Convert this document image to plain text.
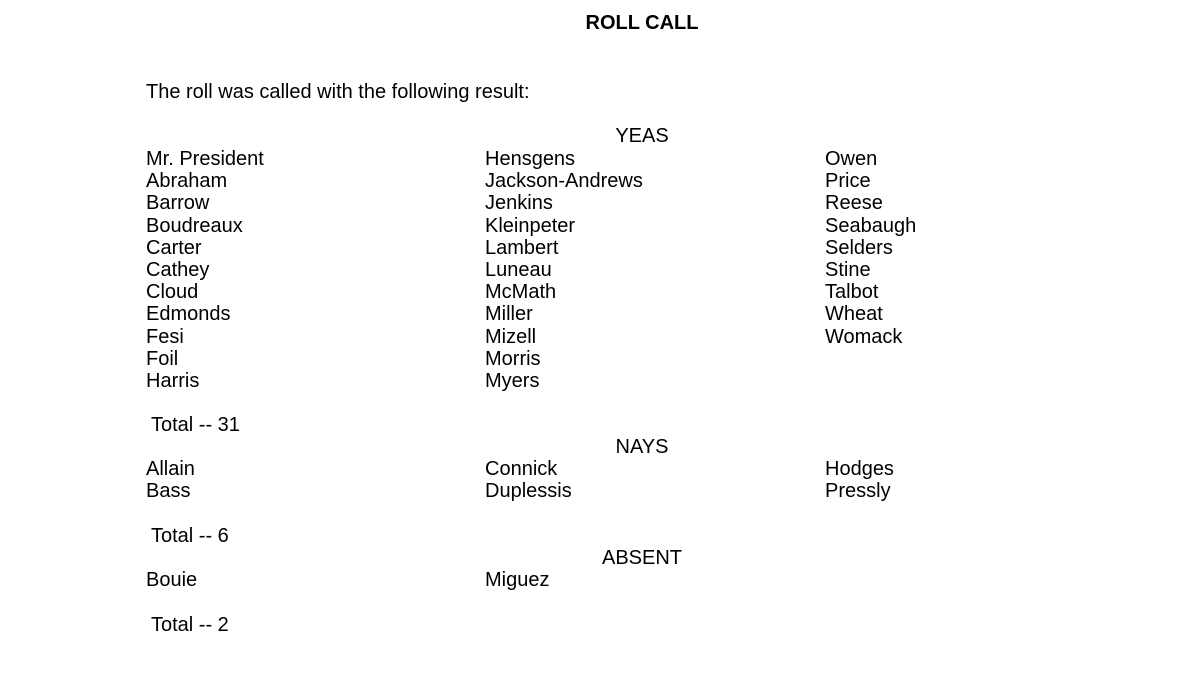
ROLL CALL
The roll was called with the following result:
YEAS
Mr. President
Abraham
Barrow
Boudreaux
Carter
Cathey
Cloud
Edmonds
Fesi
Foil
Harris
Hensgens
Jackson-Andrews
Jenkins
Kleinpeter
Lambert
Luneau
McMath
Miller
Mizell
Morris
Myers
Owen
Price
Reese
Seabaugh
Selders
Stine
Talbot
Wheat
Womack
Total -- 31
NAYS
Allain
Bass
Connick
Duplessis
Hodges
Pressly
Total -- 6
ABSENT
Bouie	Miguez
Total -- 2
